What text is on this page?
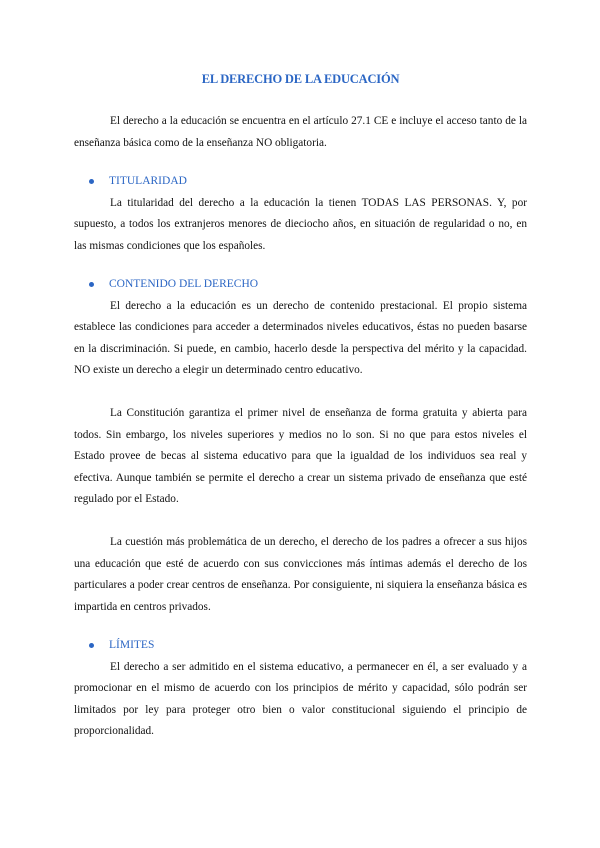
EL DERECHO DE LA EDUCACIÓN

El derecho a la educación se encuentra en el artículo 27.1 CE e incluye el acceso tanto de la enseñanza básica como de la enseñanza NO obligatoria.

TITULARIDAD

La titularidad del derecho a la educación la tienen TODAS LAS PERSONAS. Y, por supuesto, a todos los extranjeros menores de dieciocho años, en situación de regularidad o no, en las mismas condiciones que los españoles.

CONTENIDO DEL DERECHO

El derecho a la educación es un derecho de contenido prestacional. El propio sistema establece las condiciones para acceder a determinados niveles educativos, éstas no pueden basarse en la discriminación. Si puede, en cambio, hacerlo desde la perspectiva del mérito y la capacidad. NO existe un derecho a elegir un determinado centro educativo.

La Constitución garantiza el primer nivel de enseñanza de forma gratuita y abierta para todos. Sin embargo, los niveles superiores y medios no lo son. Si no que para estos niveles el Estado provee de becas al sistema educativo para que la igualdad de los individuos sea real y efectiva. Aunque también se permite el derecho a crear un sistema privado de enseñanza que esté regulado por el Estado.

La cuestión más problemática de un derecho, el derecho de los padres a ofrecer a sus hijos una educación que esté de acuerdo con sus convicciones más íntimas además el derecho de los particulares a poder crear centros de enseñanza. Por consiguiente, ni siquiera la enseñanza básica es impartida en centros privados.

LÍMITES

El derecho a ser admitido en el sistema educativo, a permanecer en él, a ser evaluado y a promocionar en el mismo de acuerdo con los principios de mérito y capacidad, sólo podrán ser limitados por ley para proteger otro bien o valor constitucional siguiendo el principio de proporcionalidad.
